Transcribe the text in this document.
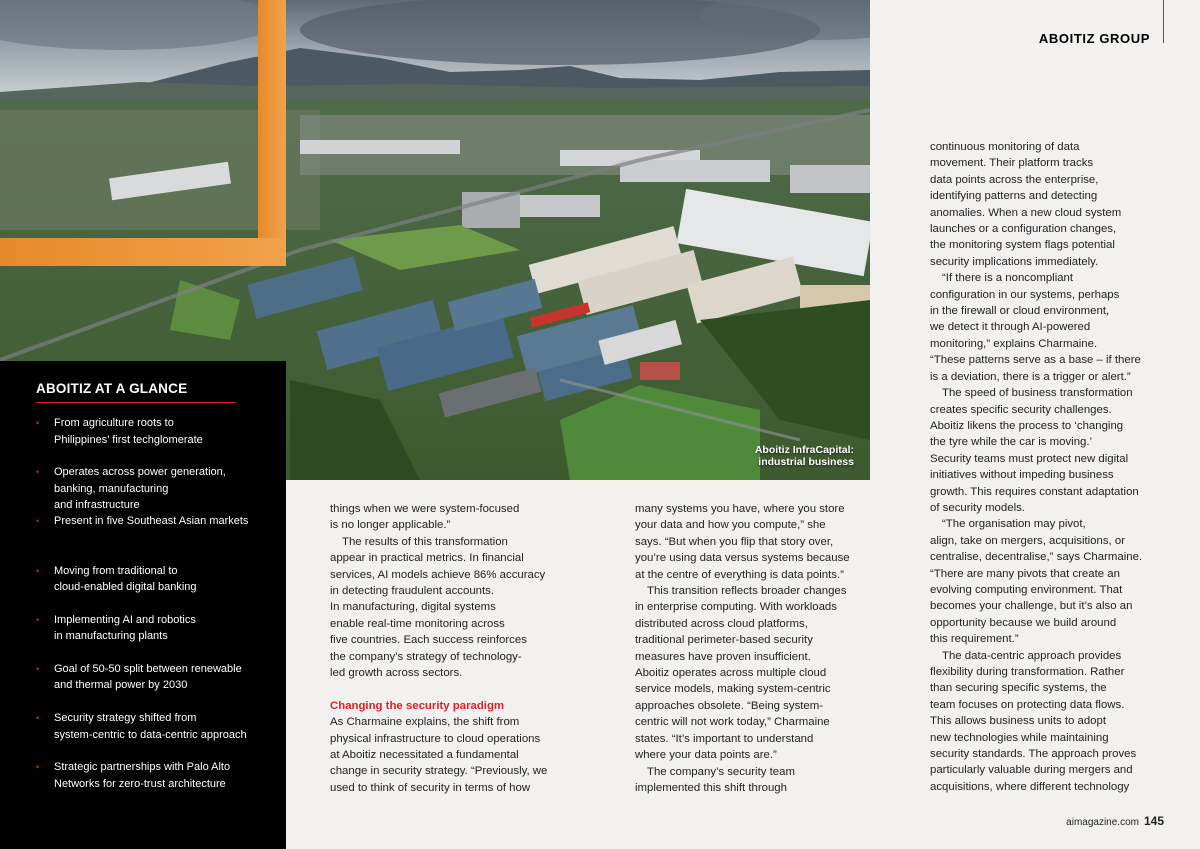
Aboitiz InfraCapital:
industrial business
ABOITIZ GROUP
ABOITIZ AT A GLANCE
• From agriculture roots to
Philippines’ first techglomerate
• Operates across power generation,
banking, manufacturing
and infrastructure
• Present in five Southeast Asian markets
• Moving from traditional to
cloud-enabled digital banking
• Implementing AI and robotics
in manufacturing plants
• Goal of 50-50 split between renewable
and thermal power by 2030
• Security strategy shifted from
system-centric to data-centric approach
• Strategic partnerships with Palo Alto
Networks for zero-trust architecture

things when we were system-focused

is no longer applicable.”

The results of this transformation

appear in practical metrics. In financial

services, AI models achieve 86% accuracy

in detecting fraudulent accounts.

In manufacturing, digital systems

enable real-time monitoring across

five countries. Each success reinforces

the company’s strategy of technology-

led growth across sectors.

Changing the security paradigm

As Charmaine explains, the shift from

physical infrastructure to cloud operations

at Aboitiz necessitated a fundamental

change in security strategy. “Previously, we

used to think of security in terms of how

many systems you have, where you store

your data and how you compute,” she

says. “But when you flip that story over,

you’re using data versus systems because

at the centre of everything is data points.”

This transition reflects broader changes

in enterprise computing. With workloads

distributed across cloud platforms,

traditional perimeter-based security

measures have proven insufficient.

Aboitiz operates across multiple cloud

service models, making system-centric

approaches obsolete. “Being system-

centric will not work today,” Charmaine

states. “It’s important to understand

where your data points are.”

The company’s security team

implemented this shift through

continuous monitoring of data

movement. Their platform tracks

data points across the enterprise,

identifying patterns and detecting

anomalies. When a new cloud system

launches or a configuration changes,

the monitoring system flags potential

security implications immediately.

“If there is a noncompliant

configuration in our systems, perhaps

in the firewall or cloud environment,

we detect it through AI-powered

monitoring,” explains Charmaine.

“These patterns serve as a base – if there

is a deviation, there is a trigger or alert.”

The speed of business transformation

creates specific security challenges.

Aboitiz likens the process to ‘changing

the tyre while the car is moving.’

Security teams must protect new digital

initiatives without impeding business

growth. This requires constant adaptation

of security models.

“The organisation may pivot,

align, take on mergers, acquisitions, or

centralise, decentralise,” says Charmaine.

“There are many pivots that create an

evolving computing environment. That

becomes your challenge, but it’s also an

opportunity because we build around

this requirement.”

The data-centric approach provides

flexibility during transformation. Rather

than securing specific systems, the

team focuses on protecting data flows.

This allows business units to adopt

new technologies while maintaining

security standards. The approach proves

particularly valuable during mergers and

acquisitions, where different technology

aimagazine.com 145
